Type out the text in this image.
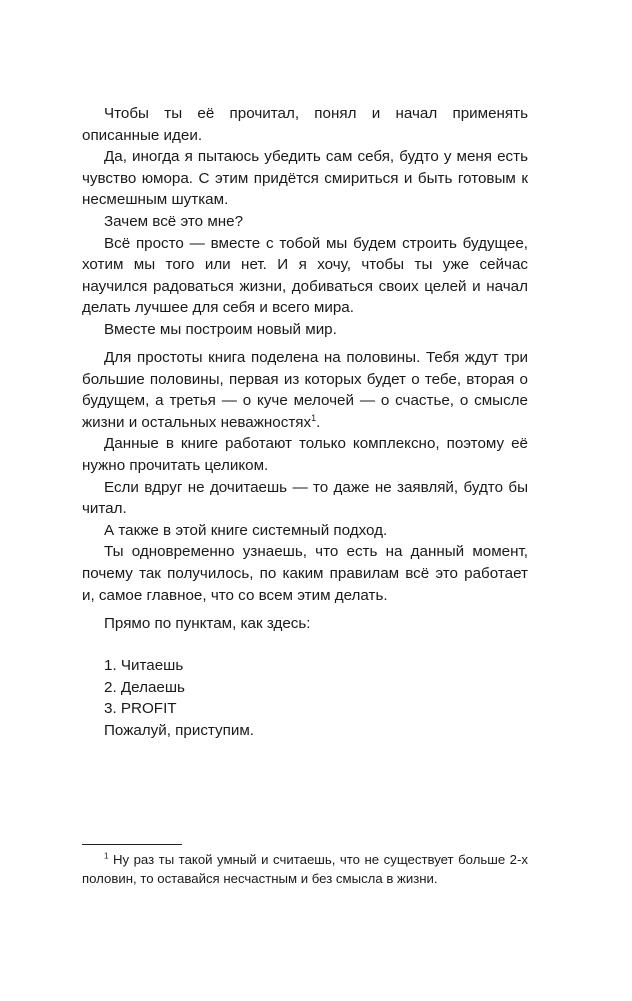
Чтобы ты её прочитал, понял и начал применять описанные идеи.

Да, иногда я пытаюсь убедить сам себя, будто у меня есть чувство юмора. С этим придётся смириться и быть готовым к несмешным шуткам.

Зачем всё это мне?

Всё просто — вместе с тобой мы будем строить будущее, хотим мы того или нет. И я хочу, чтобы ты уже сейчас научился радоваться жизни, добиваться своих целей и начал делать лучшее для себя и всего мира.

Вместе мы построим новый мир.

Для простоты книга поделена на половины. Тебя ждут три большие половины, первая из которых будет о тебе, вторая о будущем, а третья — о куче мелочей — о счастье, о смысле жизни и остальных неважностях$^1$.

Данные в книге работают только комплексно, поэтому её нужно прочитать целиком.

Если вдруг не дочитаешь — то даже не заявляй, будто бы читал.

А также в этой книге системный подход.

Ты одновременно узнаешь, что есть на данный момент, почему так получилось, по каким правилам всё это работает и, самое главное, что со всем этим делать.

Прямо по пунктам, как здесь:

1. Читаешь

2. Делаешь

3. PROFIT

Пожалуй, приступим.

$^1$ Ну раз ты такой умный и считаешь, что не существует больше 2-х половин, то оставайся несчастным и без смысла в жизни.
